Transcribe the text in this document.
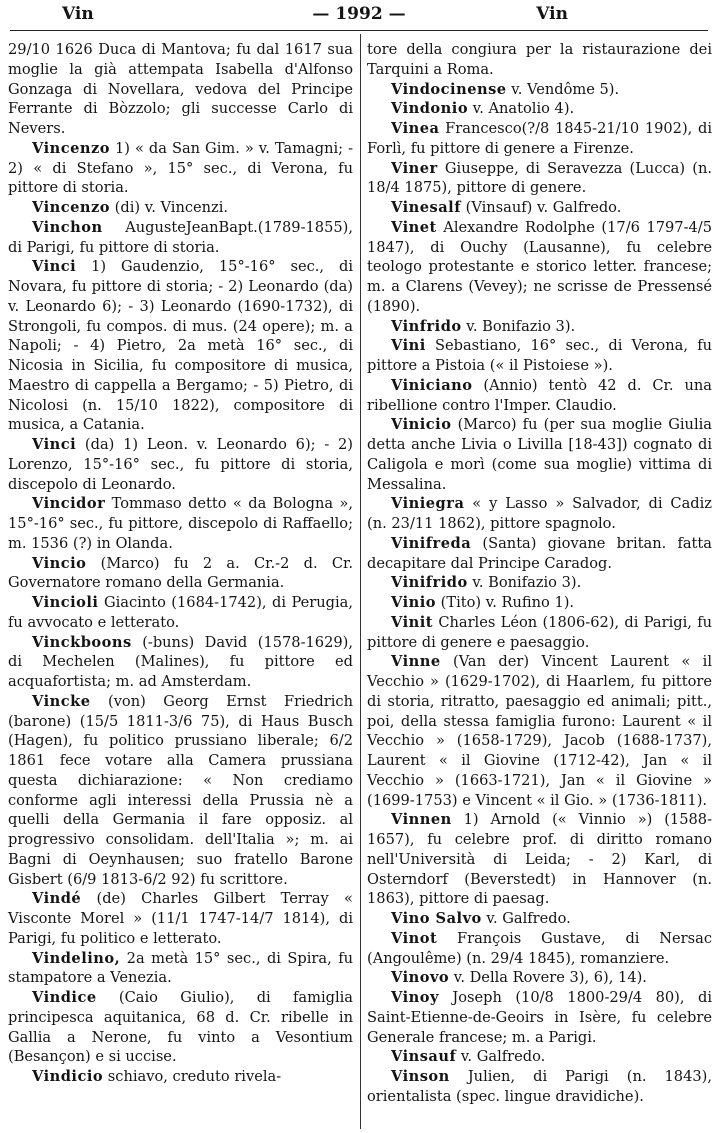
Vin	— 1992 —	Vin

29/10 1626 Duca di Mantova; fu dal 1617 sua moglie la già attempata Isabella d'Alfonso Gonzaga di Novellara, vedova del Principe Ferrante di Bòzzolo; gli successe Carlo di Nevers.

Vincenzo 1) « da San Gim. » v. Tamagni; - 2) « di Stefano », 15° sec., di Verona, fu pittore di storia.

Vincenzo (di) v. Vincenzi.

Vinchon AugusteJeanBapt.(1789-1855), di Parigi, fu pittore di storia.

Vinci 1) Gaudenzio, 15°-16° sec., di Novara, fu pittore di storia; - 2) Leonardo (da) v. Leonardo 6); - 3) Leonardo (1690-1732), di Strongoli, fu compos. di mus. (24 opere); m. a Napoli; - 4) Pietro, 2a metà 16° sec., di Nicosia in Sicilia, fu compositore di musica, Maestro di cappella a Bergamo; - 5) Pietro, di Nicolosi (n. 15/10 1822), compositore di musica, a Catania.

Vinci (da) 1) Leon. v. Leonardo 6); - 2) Lorenzo, 15°-16° sec., fu pittore di storia, discepolo di Leonardo.

Vincidor Tommaso detto « da Bologna », 15°-16° sec., fu pittore, discepolo di Raffaello; m. 1536 (?) in Olanda.

Vincio (Marco) fu 2 a. Cr.-2 d. Cr. Governatore romano della Germania.

Vincioli Giacinto (1684-1742), di Perugia, fu avvocato e letterato.

Vinckboons (-buns) David (1578-1629), di Mechelen (Malines), fu pittore ed acquafortista; m. ad Amsterdam.

Vincke (von) Georg Ernst Friedrich (barone) (15/5 1811-3/6 75), di Haus Busch (Hagen), fu politico prussiano liberale; 6/2 1861 fece votare alla Camera prussiana questa dichiarazione: « Non crediamo conforme agli interessi della Prussia nè a quelli della Germania il fare opposiz. al progressivo consolidam. dell'Italia »; m. ai Bagni di Oeynhausen; suo fratello Barone Gisbert (6/9 1813-6/2 92) fu scrittore.

Vindé (de) Charles Gilbert Terray « Visconte Morel » (11/1 1747-14/7 1814), di Parigi, fu politico e letterato.

Vindelino, 2a metà 15° sec., di Spira, fu stampatore a Venezia.

Vindice (Caio Giulio), di famiglia principesca aquitanica, 68 d. Cr. ribelle in Gallia a Nerone, fu vinto a Vesontium (Besançon) e si uccise.

Vindicio schiavo, creduto rivela-

tore della congiura per la ristaurazione dei Tarquini a Roma.

Vindocinense v. Vendôme 5).

Vindonio v. Anatolio 4).

Vinea Francesco(?/8 1845-21/10 1902), di Forlì, fu pittore di genere a Firenze.

Viner Giuseppe, di Seravezza (Lucca) (n. 18/4 1875), pittore di genere.

Vinesalf (Vinsauf) v. Galfredo.

Vinet Alexandre Rodolphe (17/6 1797-4/5 1847), di Ouchy (Lausanne), fu celebre teologo protestante e storico letter. francese; m. a Clarens (Vevey); ne scrisse de Pressensé (1890).

Vinfrido v. Bonifazio 3).

Vini Sebastiano, 16° sec., di Verona, fu pittore a Pistoia (« il Pistoiese »).

Viniciano (Annio) tentò 42 d. Cr. una ribellione contro l'Imper. Claudio.

Vinicio (Marco) fu (per sua moglie Giulia detta anche Livia o Livilla [18-43]) cognato di Caligola e morì (come sua moglie) vittima di Messalina.

Viniegra « y Lasso » Salvador, di Cadiz (n. 23/11 1862), pittore spagnolo.

Vinifreda (Santa) giovane britan. fatta decapitare dal Principe Caradog.

Vinifrido v. Bonifazio 3).

Vinio (Tito) v. Rufino 1).

Vinit Charles Léon (1806-62), di Parigi, fu pittore di genere e paesaggio.

Vinne (Van der) Vincent Laurent « il Vecchio » (1629-1702), di Haarlem, fu pittore di storia, ritratto, paesaggio ed animali; pitt., poi, della stessa famiglia furono: Laurent « il Vecchio » (1658-1729), Jacob (1688-1737), Laurent « il Giovine (1712-42), Jan « il Vecchio » (1663-1721), Jan « il Giovine » (1699-1753) e Vincent « il Gio. » (1736-1811).

Vinnen 1) Arnold (« Vinnio ») (1588-1657), fu celebre prof. di diritto romano nell'Università di Leida; - 2) Karl, di Osterndorf (Beverstedt) in Hannover (n. 1863), pittore di paesag.

Vino Salvo v. Galfredo.

Vinot François Gustave, di Nersac (Angoulême) (n. 29/4 1845), romanziere.

Vinovo v. Della Rovere 3), 6), 14).

Vinoy Joseph (10/8 1800-29/4 80), di Saint-Etienne-de-Geoirs in Isère, fu celebre Generale francese; m. a Parigi.

Vinsauf v. Galfredo.

Vinson Julien, di Parigi (n. 1843), orientalista (spec. lingue dravidiche).
